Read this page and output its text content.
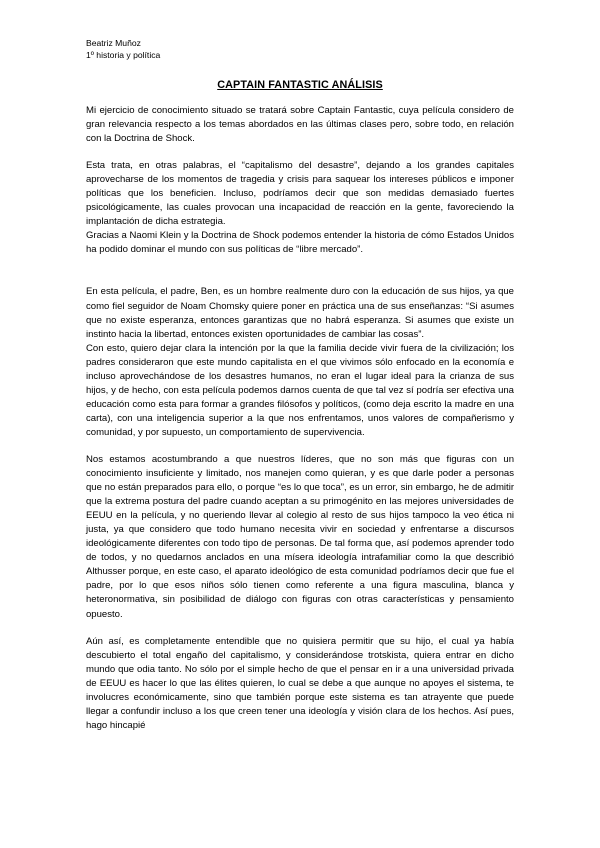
Beatriz Muñoz
1º historia y política
CAPTAIN FANTASTIC ANÁLISIS

Mi ejercicio de conocimiento situado se tratará sobre Captain Fantastic, cuya película considero de gran relevancia respecto a los temas abordados en las últimas clases pero, sobre todo, en relación con la Doctrina de Shock.

Esta trata, en otras palabras, el “capitalismo del desastre”, dejando a los grandes capitales aprovecharse de los momentos de tragedia y crisis para saquear los intereses públicos e imponer políticas que los beneficien. Incluso, podríamos decir que son medidas demasiado fuertes psicológicamente, las cuales provocan una incapacidad de reacción en la gente, favoreciendo la implantación de dicha estrategia.

Gracias a Naomi Klein y la Doctrina de Shock podemos entender la historia de cómo Estados Unidos ha podido dominar el mundo con sus políticas de “libre mercado”.

En esta película, el padre, Ben, es un hombre realmente duro con la educación de sus hijos, ya que como fiel seguidor de Noam Chomsky quiere poner en práctica una de sus enseñanzas: “Si asumes que no existe esperanza, entonces garantizas que no habrá esperanza. Si asumes que existe un instinto hacia la libertad, entonces existen oportunidades de cambiar las cosas”.

Con esto, quiero dejar clara la intención por la que la familia decide vivir fuera de la civilización; los padres consideraron que este mundo capitalista en el que vivimos sólo enfocado en la economía e incluso aprovechándose de los desastres humanos, no eran el lugar ideal para la crianza de sus hijos, y de hecho, con esta película podemos darnos cuenta de que tal vez sí podría ser efectiva una educación como esta para formar a grandes filósofos y políticos, (como deja escrito la madre en una carta), con una inteligencia superior a la que nos enfrentamos, unos valores de compañerismo y comunidad, y por supuesto, un comportamiento de supervivencia.

Nos estamos acostumbrando a que nuestros líderes, que no son más que figuras con un conocimiento insuficiente y limitado, nos manejen como quieran, y es que darle poder a personas que no están preparados para ello, o porque “es lo que toca”, es un error, sin embargo, he de admitir que la extrema postura del padre cuando aceptan a su primogénito en las mejores universidades de EEUU en la película, y no queriendo llevar al colegio al resto de sus hijos tampoco la veo ética ni justa, ya que considero que todo humano necesita vivir en sociedad y enfrentarse a discursos ideológicamente diferentes con todo tipo de personas. De tal forma que, así podemos aprender todo de todos, y no quedarnos anclados en una mísera ideología intrafamiliar como la que describió Althusser porque, en este caso, el aparato ideológico de esta comunidad podríamos decir que fue el padre, por lo que esos niños sólo tienen como referente a una figura masculina, blanca y heteronormativa, sin posibilidad de diálogo con figuras con otras características y pensamiento opuesto.

Aún así, es completamente entendible que no quisiera permitir que su hijo, el cual ya había descubierto el total engaño del capitalismo, y considerándose trotskista, quiera entrar en dicho mundo que odia tanto. No sólo por el simple hecho de que el pensar en ir a una universidad privada de EEUU es hacer lo que las élites quieren, lo cual se debe a que aunque no apoyes el sistema, te involucres económicamente, sino que también porque este sistema es tan atrayente que puede llegar a confundir incluso a los que creen tener una ideología y visión clara de los hechos. Así pues, hago hincapié
